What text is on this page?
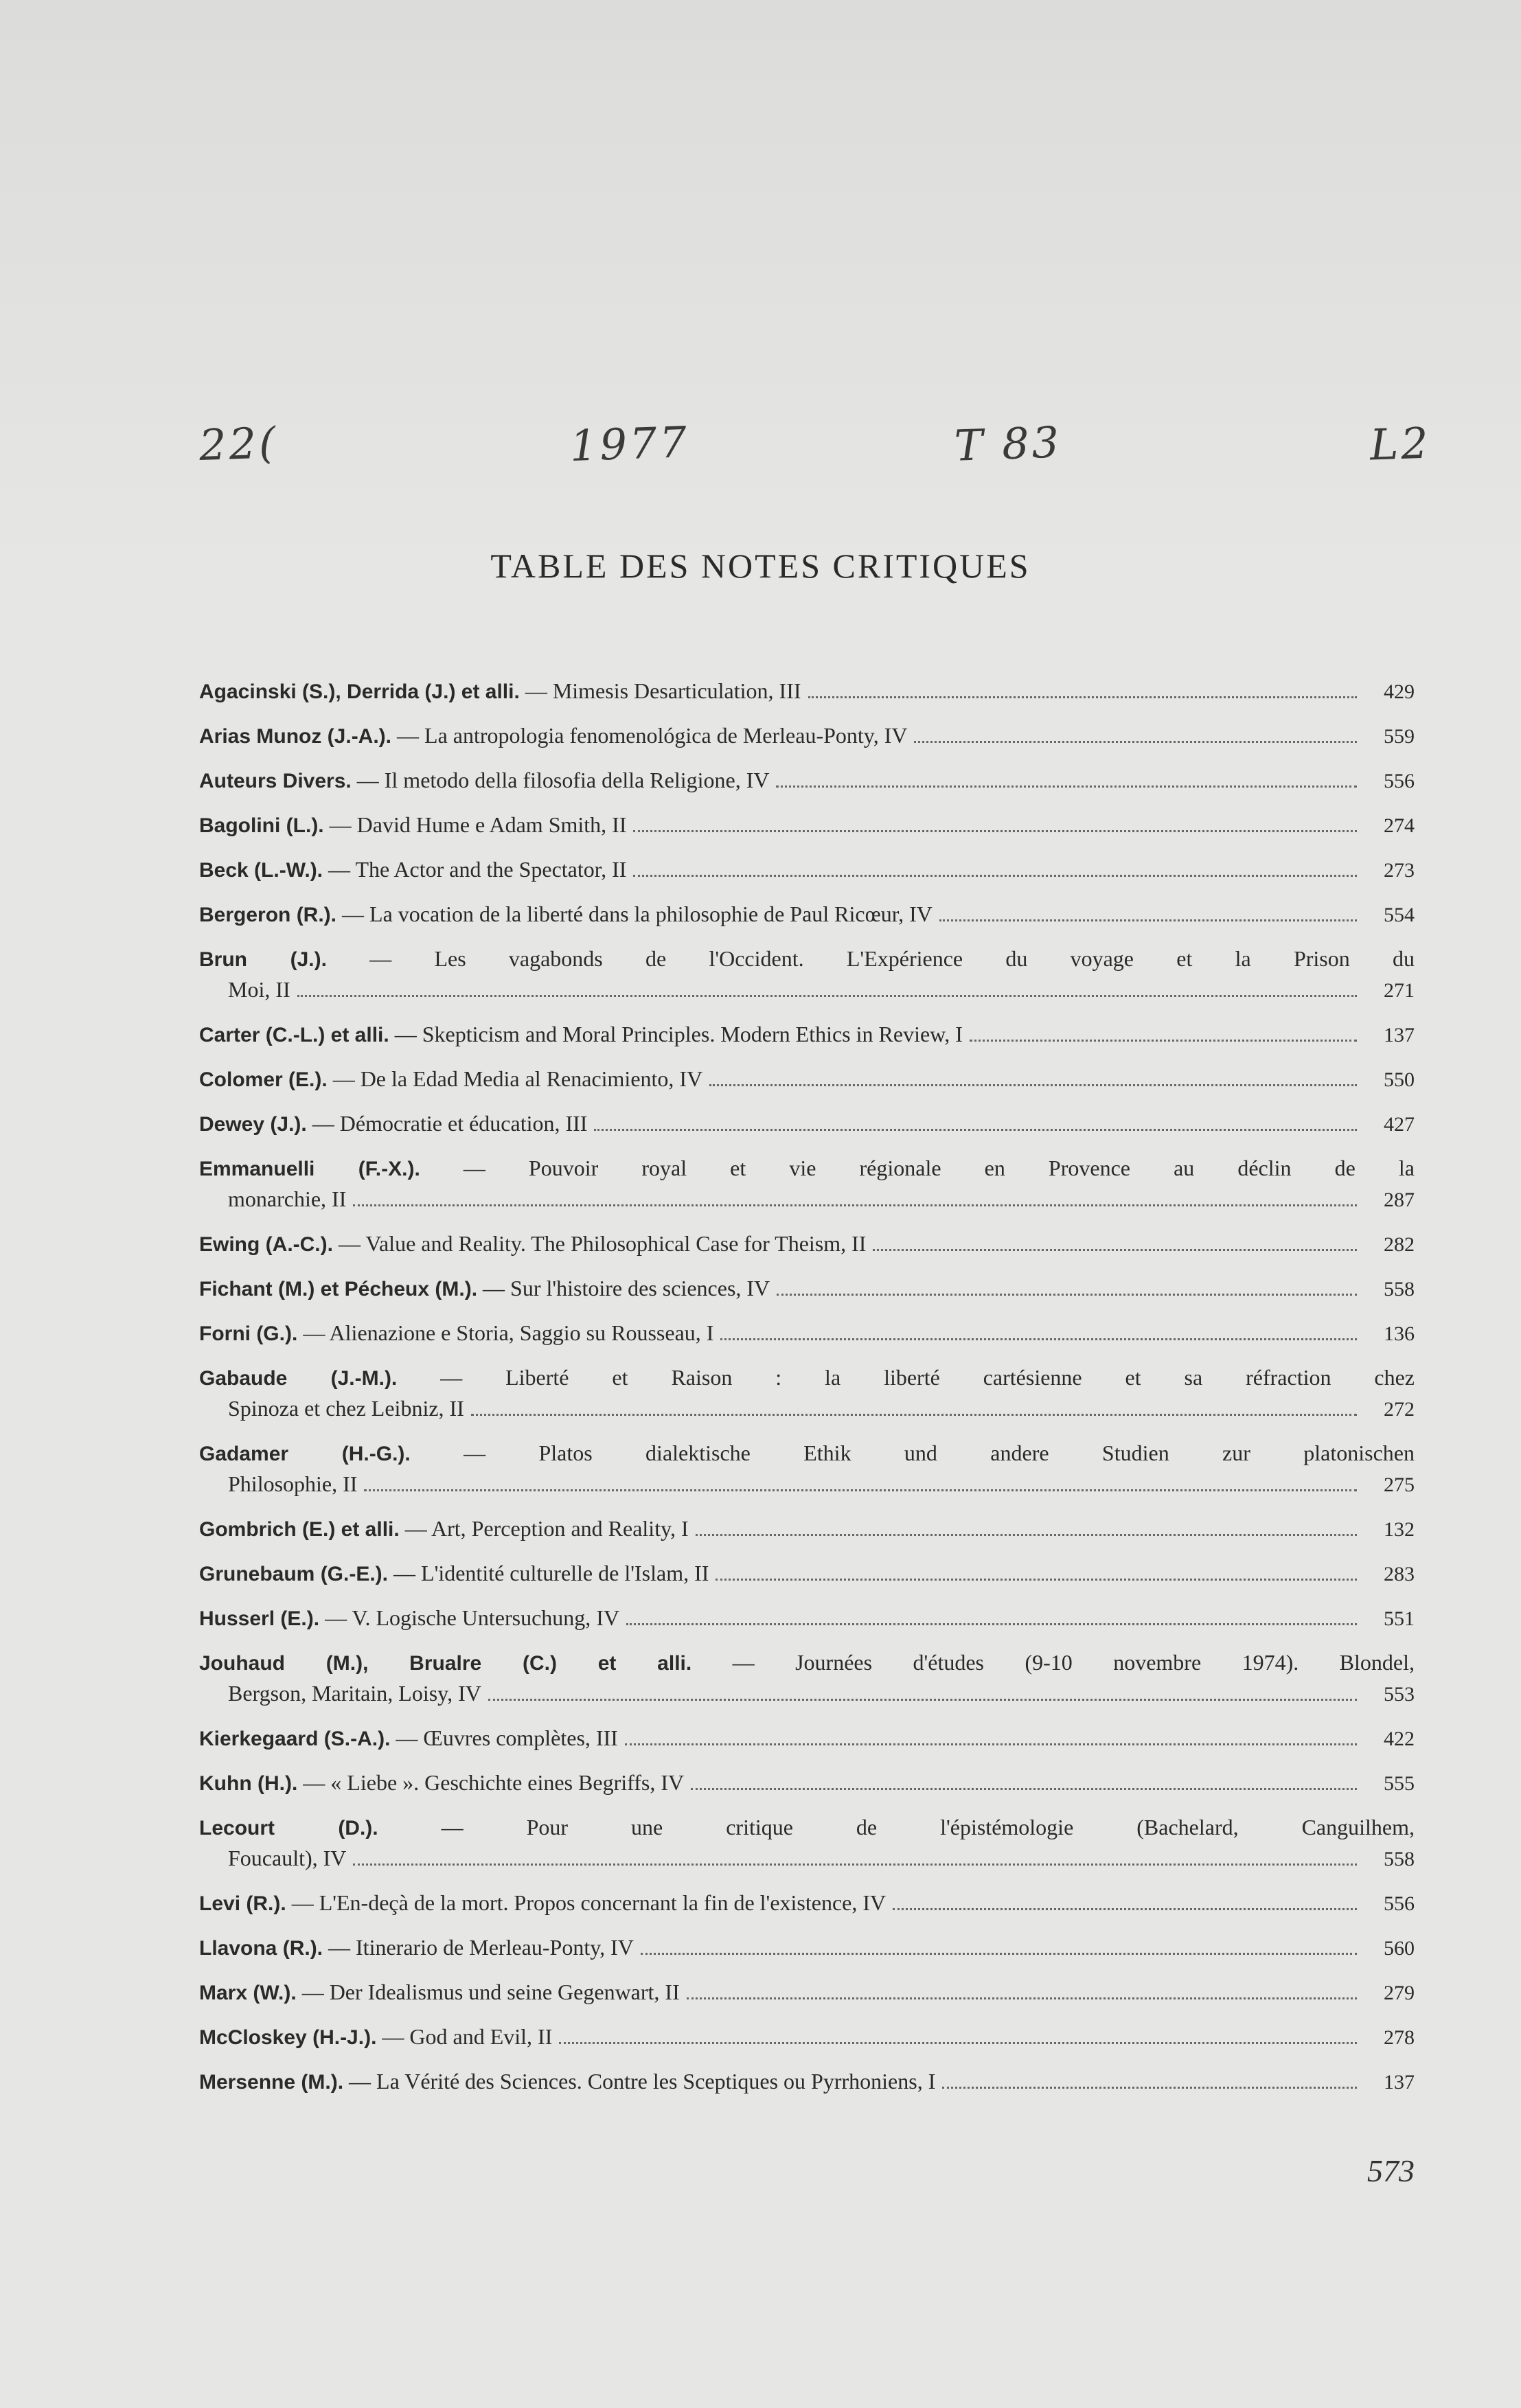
22(	1977	T 83	L2
TABLE DES NOTES CRITIQUES
Agacinski (S.), Derrida (J.) et alli. — Mimesis Desarticulation, III	429
Arias Munoz (J.-A.). — La antropologia fenomenológica de Merleau-Ponty, IV	559
Auteurs Divers. — Il metodo della filosofia della Religione, IV	556
Bagolini (L.). — David Hume e Adam Smith, II	274
Beck (L.-W.). — The Actor and the Spectator, II	273
Bergeron (R.). — La vocation de la liberté dans la philosophie de Paul Ricœur, IV	554
Brun (J.). — Les vagabonds de l'Occident. L'Expérience du voyage et la Prison du
Moi, II	271
Carter (C.-L.) et alli. — Skepticism and Moral Principles. Modern Ethics in Review, I	137
Colomer (E.). — De la Edad Media al Renacimiento, IV	550
Dewey (J.). — Démocratie et éducation, III	427
Emmanuelli (F.-X.). — Pouvoir royal et vie régionale en Provence au déclin de la
monarchie, II	287
Ewing (A.-C.). — Value and Reality. The Philosophical Case for Theism, II	282
Fichant (M.) et Pécheux (M.). — Sur l'histoire des sciences, IV	558
Forni (G.). — Alienazione e Storia, Saggio su Rousseau, I	136
Gabaude (J.-M.). — Liberté et Raison : la liberté cartésienne et sa réfraction chez
Spinoza et chez Leibniz, II	272
Gadamer (H.-G.). — Platos dialektische Ethik und andere Studien zur platonischen
Philosophie, II	275
Gombrich (E.) et alli. — Art, Perception and Reality, I	132
Grunebaum (G.-E.). — L'identité culturelle de l'Islam, II	283
Husserl (E.). — V. Logische Untersuchung, IV	551
Jouhaud (M.), Brualre (C.) et alli. — Journées d'études (9-10 novembre 1974). Blondel,
Bergson, Maritain, Loisy, IV	553
Kierkegaard (S.-A.). — Œuvres complètes, III	422
Kuhn (H.). — « Liebe ». Geschichte eines Begriffs, IV	555
Lecourt (D.).	— Pour une critique de l'épistémologie (Bachelard, Canguilhem,
Foucault), IV	558
Levi (R.). — L'En-deçà de la mort. Propos concernant la fin de l'existence, IV	556
Llavona (R.). — Itinerario de Merleau-Ponty, IV	560
Marx (W.). — Der Idealismus und seine Gegenwart, II	279
McCloskey (H.-J.). — God and Evil, II	278
Mersenne (M.). — La Vérité des Sciences. Contre les Sceptiques ou Pyrrhoniens, I	137
573
